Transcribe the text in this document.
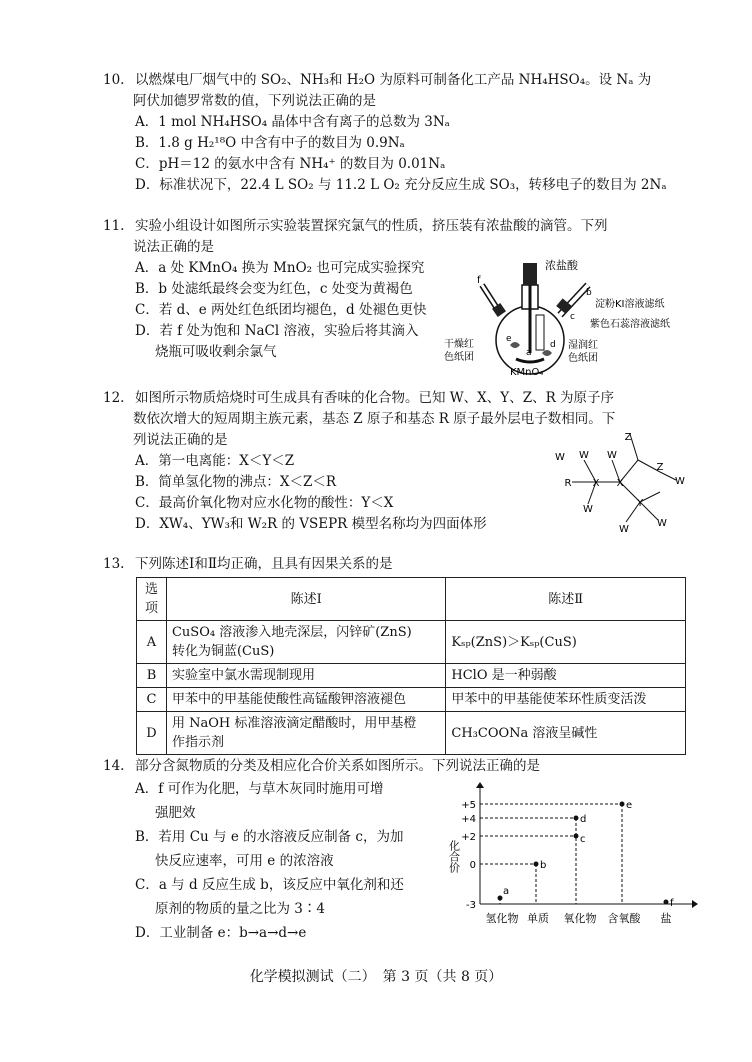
10. 以燃煤电厂烟气中的 SO₂、NH₃和 H₂O 为原料可制备化工产品 NH₄HSO₄。设 Nₐ 为
阿伏加德罗常数的值，下列说法正确的是
A．1 mol NH₄HSO₄ 晶体中含有离子的总数为 3Nₐ
B．1.8 g H₂¹⁸O 中含有中子的数目为 0.9Nₐ
C．pH＝12 的氨水中含有 NH₄⁺ 的数目为 0.01Nₐ
D．标准状况下，22.4 L SO₂ 与 11.2 L O₂ 充分反应生成 SO₃，转移电子的数目为 2Nₐ
11. 实验小组设计如图所示实验装置探究氯气的性质，挤压装有浓盐酸的滴管。下列
说法正确的是
A．a 处 KMnO₄ 换为 MnO₂ 也可完成实验探究
B．b 处滤纸最终会变为红色，c 处变为黄褐色
C．若 d、e 两处红色纸团均褪色，d 处褪色更快
D．若 f 处为饱和 NaCl 溶液，实验后将其滴入
烧瓶可吸收剩余氯气
浓盐酸
淀粉KI溶液滤纸
紫色石蕊溶液滤纸
干燥红
色纸团
KMnO₄
湿润红
色纸团
f
a
b
c
d
e
12. 如图所示物质焙烧时可生成具有香味的化合物。已知 W、X、Y、Z、R 为原子序
数依次增大的短周期主族元素，基态 Z 原子和基态 R 原子最外层电子数相同。下
列说法正确的是
A．第一电离能：X＜Y＜Z
B．简单氢化物的沸点：X＜Z＜R
C．最高价氧化物对应水化物的酸性：Y＜X
D．XW₄、YW₃和 W₂R 的 VSEPR 模型名称均为四面体形
Z
W W
R X X
Z
W
W
W
Y
W
W
13. 下列陈述Ⅰ和Ⅱ均正确，且具有因果关系的是
选项	陈述Ⅰ	陈述Ⅱ
A	CuSO₄ 溶液渗入地壳深层，闪锌矿(ZnS)
转化为铜蓝(CuS)	Kₛₚ(ZnS)＞Kₛₚ(CuS)
B	实验室中氯水需现制现用	HClO 是一种弱酸
C	甲苯中的甲基能使酸性高锰酸钾溶液褪色	甲苯中的甲基能使苯环性质变活泼
D	用 NaOH 标准溶液滴定醋酸时，用甲基橙
作指示剂	CH₃COONa 溶液呈碱性
14. 部分含氮物质的分类及相应化合价关系如图所示。下列说法正确的是
A．f 可作为化肥，与草木灰同时施用可增
强肥效
B．若用 Cu 与 e 的水溶液反应制备 c，为加
快反应速率，可用 e 的浓溶液
C．a 与 d 反应生成 b，该反应中氧化剂和还
原剂的物质的量之比为 3∶4
D．工业制备 e：b→a→d→e
化合价
+5
+4
+2
0
-3
a
b
c
d
e
f
氢化物 单质 氧化物 含氧酸 盐
化学模拟测试（二）　第 3 页（共 8 页）
